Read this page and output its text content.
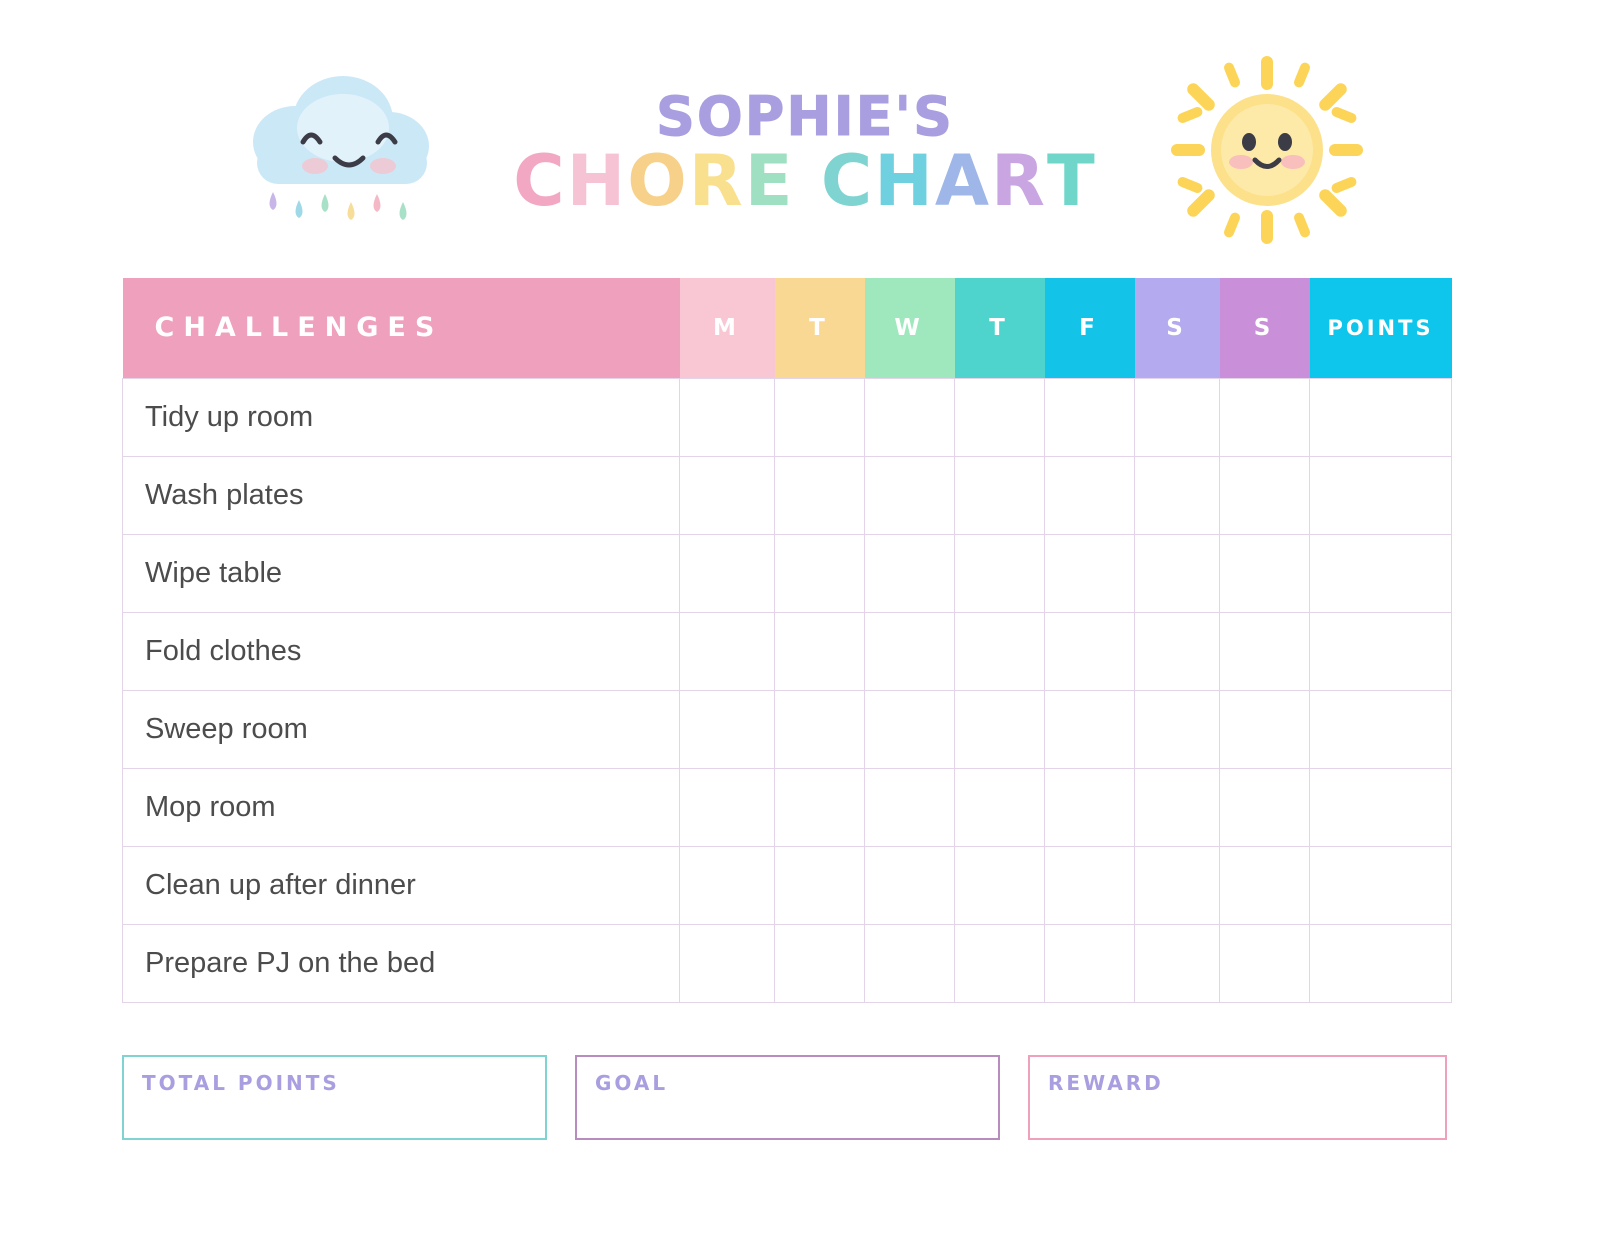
SOPHIE'S
CHORE CHART
CHALLENGES	M	T	W	T	F	S	S	POINTS
Tidy up room								
Wash plates								
Wipe table								
Fold clothes								
Sweep room								
Mop room								
Clean up after dinner								
Prepare PJ on the bed								
TOTAL POINTS	GOAL	REWARD
